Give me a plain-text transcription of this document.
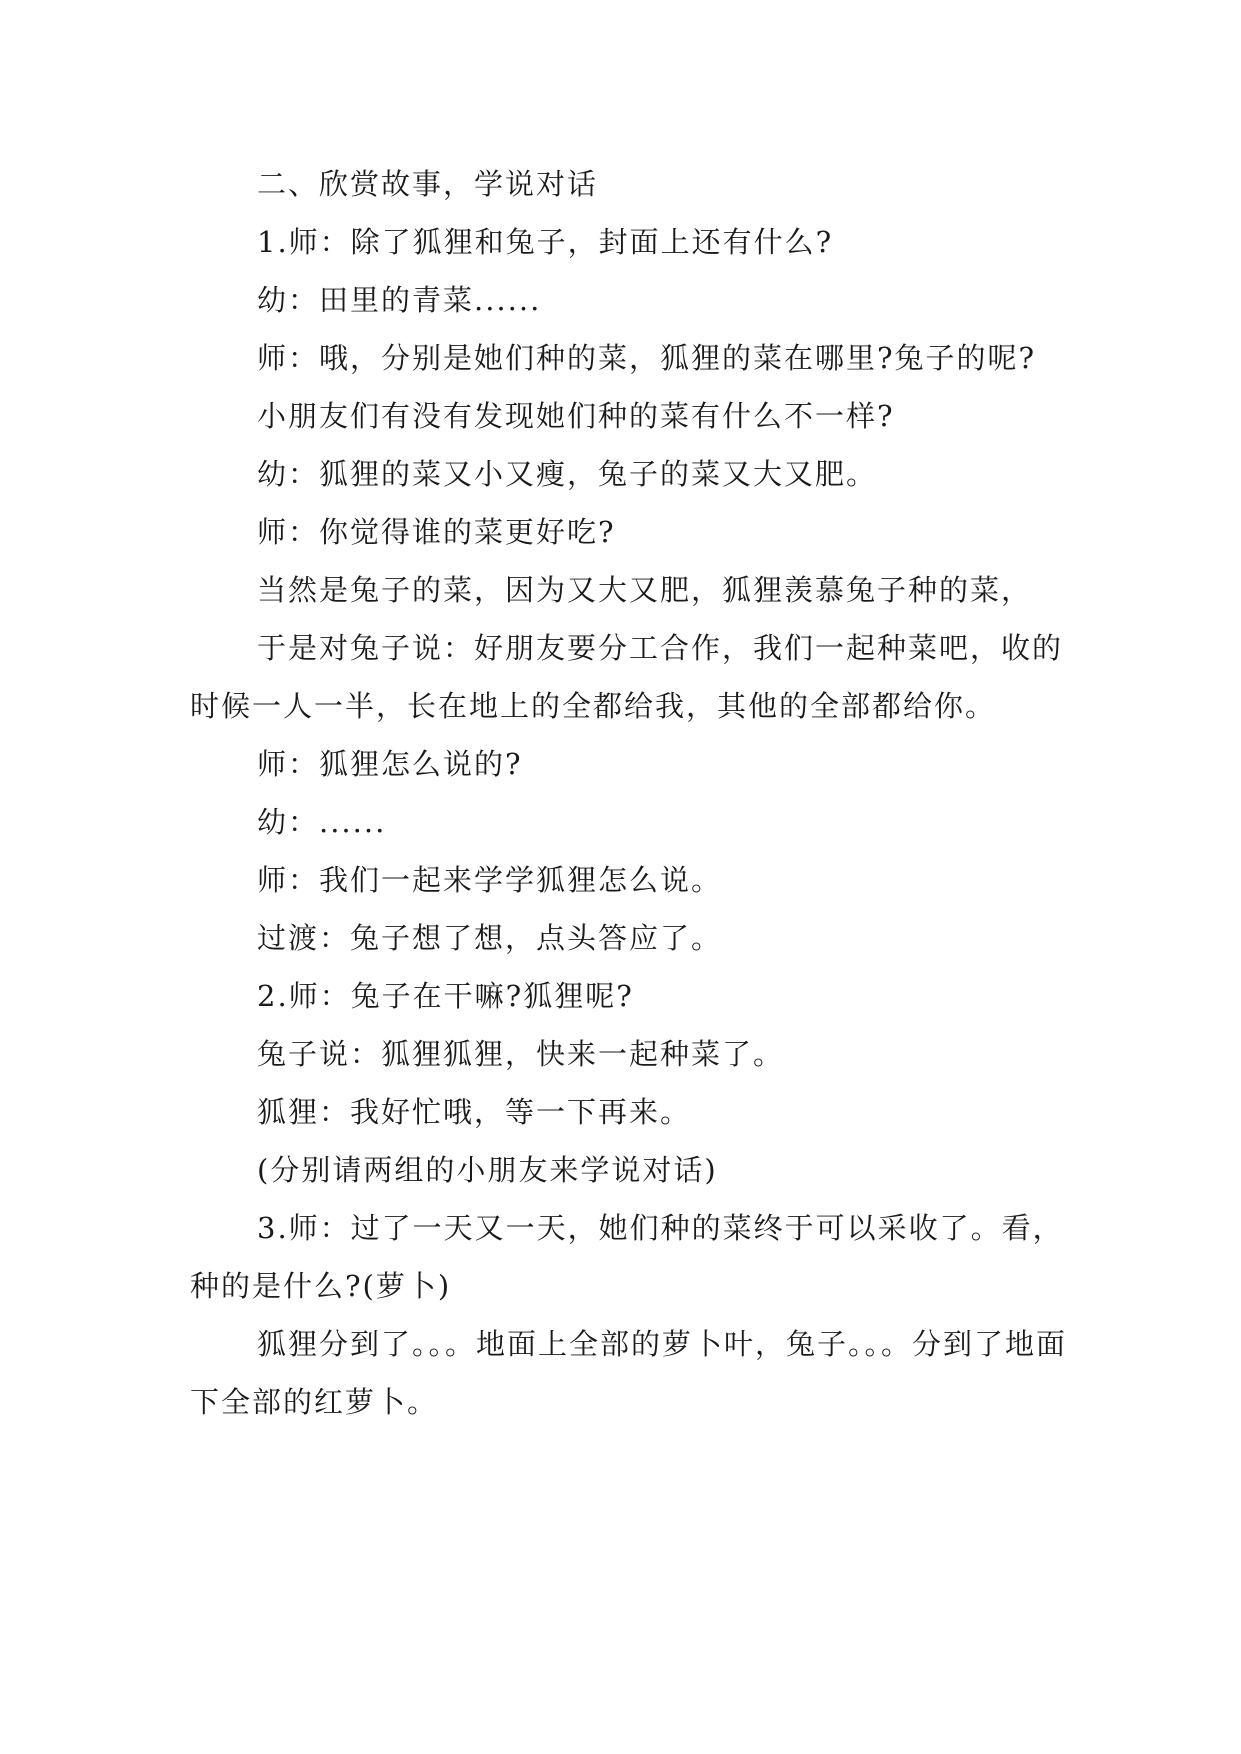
二、欣赏故事，学说对话

1.师：除了狐狸和兔子，封面上还有什么?

幼：田里的青菜......

师：哦，分别是她们种的菜，狐狸的菜在哪里?兔子的呢?

小朋友们有没有发现她们种的菜有什么不一样?

幼：狐狸的菜又小又瘦，兔子的菜又大又肥。

师：你觉得谁的菜更好吃?

当然是兔子的菜，因为又大又肥，狐狸羡慕兔子种的菜，

于是对兔子说：好朋友要分工合作，我们一起种菜吧，收的时候一人一半，长在地上的全都给我，其他的全部都给你。

师：狐狸怎么说的?

幼：......

师：我们一起来学学狐狸怎么说。

过渡：兔子想了想，点头答应了。

2.师：兔子在干嘛?狐狸呢?

兔子说：狐狸狐狸，快来一起种菜了。

狐狸：我好忙哦，等一下再来。

(分别请两组的小朋友来学说对话)

3.师：过了一天又一天，她们种的菜终于可以采收了。看，种的是什么?(萝卜)

狐狸分到了。。。地面上全部的萝卜叶，兔子。。。分到了地面下全部的红萝卜。
